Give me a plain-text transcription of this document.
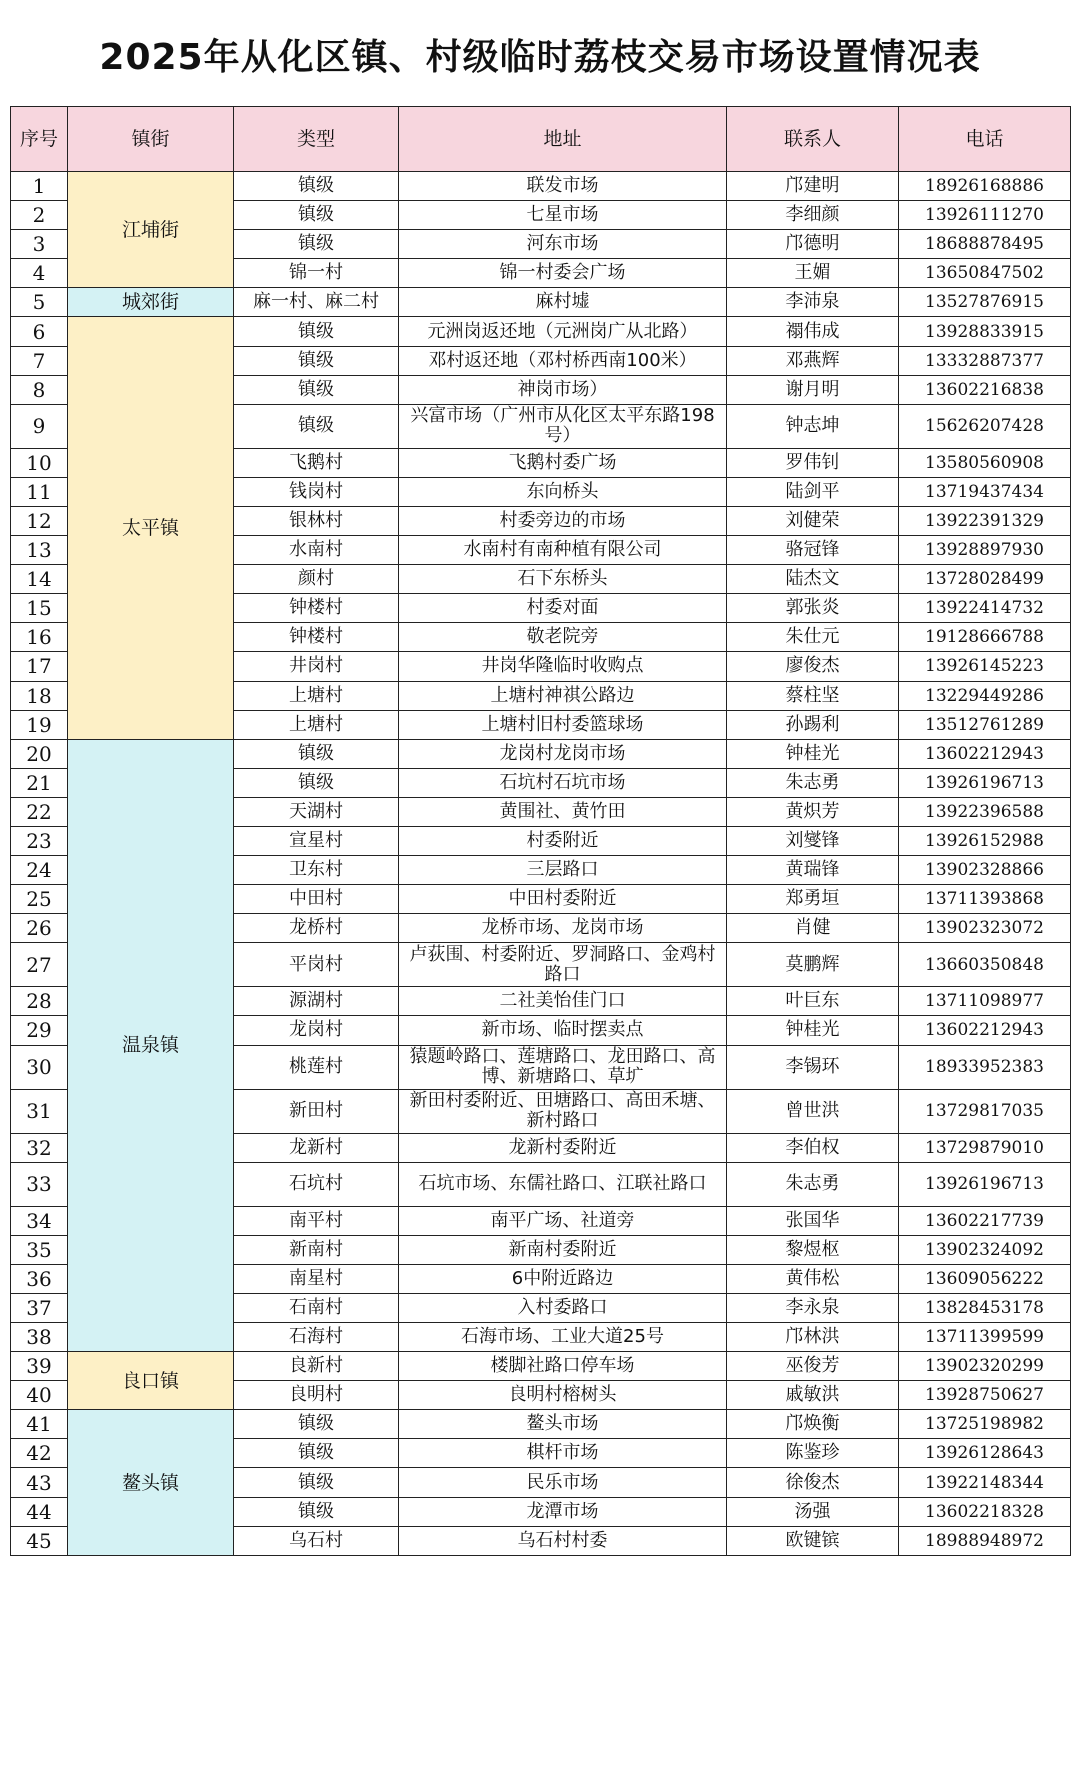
2025年从化区镇、村级临时荔枝交易市场设置情况表
序号	镇街	类型	地址	联系人	电话
1	江埔街	镇级	联发市场	邝建明	18926168886
2		镇级	七星市场	李细颜	13926111270
3		镇级	河东市场	邝德明	18688878495
4		锦一村	锦一村委会广场	王媚	13650847502
5	城郊街	麻一村、麻二村	麻村墟	李沛泉	13527876915
6	太平镇	镇级	元洲岗返还地（元洲岗广从北路）	禤伟成	13928833915
7		镇级	邓村返还地（邓村桥西南100米）	邓燕辉	13332887377
8		镇级	神岗市场）	谢月明	13602216838
9		镇级	兴富市场（广州市从化区太平东路198号）	钟志坤	15626207428
10		飞鹅村	飞鹅村委广场	罗伟钊	13580560908
11		钱岗村	东向桥头	陆剑平	13719437434
12		银林村	村委旁边的市场	刘健荣	13922391329
13		水南村	水南村有南种植有限公司	骆冠锋	13928897930
14		颜村	石下东桥头	陆杰文	13728028499
15		钟楼村	村委对面	郭张炎	13922414732
16		钟楼村	敬老院旁	朱仕元	19128666788
17		井岗村	井岗华隆临时收购点	廖俊杰	13926145223
18		上塘村	上塘村神祺公路边	蔡柱坚	13229449286
19		上塘村	上塘村旧村委篮球场	孙踢利	13512761289
20	温泉镇	镇级	龙岗村龙岗市场	钟桂光	13602212943
21		镇级	石坑村石坑市场	朱志勇	13926196713
22		天湖村	黄围社、黄竹田	黄炽芳	13922396588
23		宣星村	村委附近	刘燮锋	13926152988
24		卫东村	三层路口	黄瑞锋	13902328866
25		中田村	中田村委附近	郑勇垣	13711393868
26		龙桥村	龙桥市场、龙岗市场	肖健	13902323072
27		平岗村	卢荻围、村委附近、罗洞路口、金鸡村路口	莫鹏辉	13660350848
28		源湖村	二社美怡佳门口	叶巨东	13711098977
29		龙岗村	新市场、临时摆卖点	钟桂光	13602212943
30		桃莲村	猿题岭路口、莲塘路口、龙田路口、高博、新塘路口、草圹	李锡环	18933952383
31		新田村	新田村委附近、田塘路口、高田禾塘、新村路口	曾世洪	13729817035
32		龙新村	龙新村委附近	李伯权	13729879010
33		石坑村	石坑市场、东儒社路口、江联社路口	朱志勇	13926196713
34		南平村	南平广场、社道旁	张国华	13602217739
35		新南村	新南村委附近	黎煜枢	13902324092
36		南星村	6中附近路边	黄伟松	13609056222
37		石南村	入村委路口	李永泉	13828453178
38		石海村	石海市场、工业大道25号	邝林洪	13711399599
39	良口镇	良新村	楼脚社路口停车场	巫俊芳	13902320299
40		良明村	良明村榕树头	戚敏洪	13928750627
41	鳌头镇	镇级	鳌头市场	邝焕衡	13725198982
42		镇级	棋杆市场	陈鉴珍	13926128643
43		镇级	民乐市场	徐俊杰	13922148344
44		镇级	龙潭市场	汤强	13602218328
45		乌石村	乌石村村委	欧键镔	18988948972
